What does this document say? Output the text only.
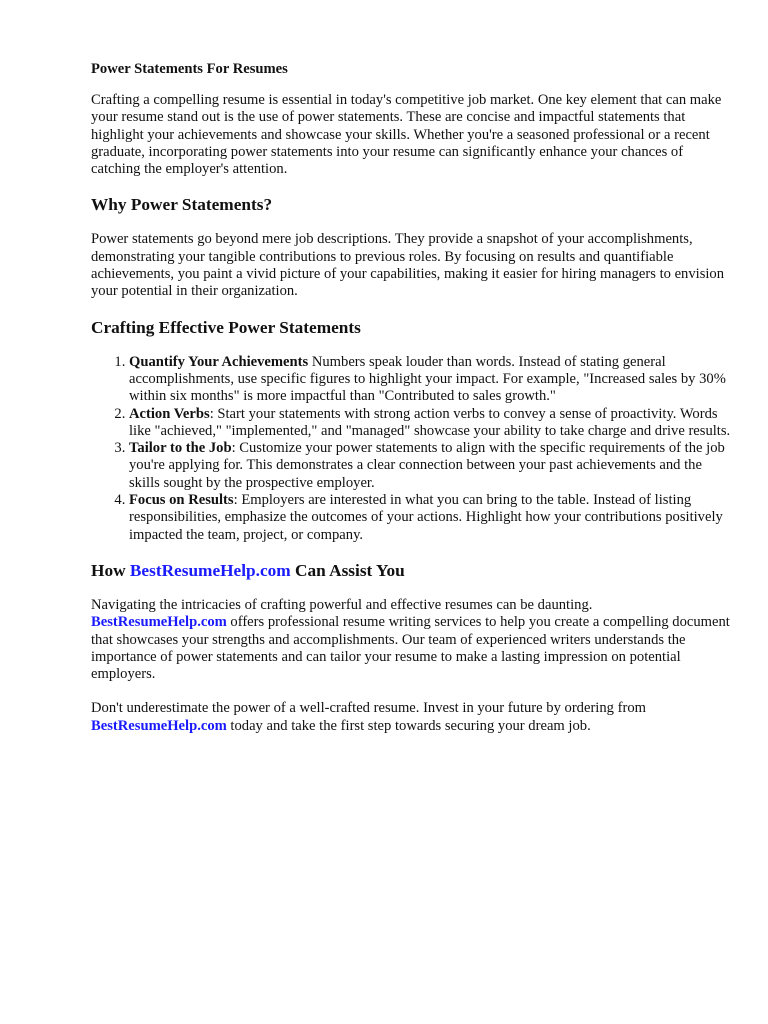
Power Statements For Resumes

Crafting a compelling resume is essential in today's competitive job market. One key element that can make your resume stand out is the use of power statements. These are concise and impactful statements that highlight your achievements and showcase your skills. Whether you're a seasoned professional or a recent graduate, incorporating power statements into your resume can significantly enhance your chances of catching the employer's attention.

Why Power Statements?

Power statements go beyond mere job descriptions. They provide a snapshot of your accomplishments, demonstrating your tangible contributions to previous roles. By focusing on results and quantifiable achievements, you paint a vivid picture of your capabilities, making it easier for hiring managers to envision your potential in their organization.

Crafting Effective Power Statements
1. Quantify Your Achievements Numbers speak louder than words. Instead of stating general accomplishments, use specific figures to highlight your impact. For example, "Increased sales by 30% within six months" is more impactful than "Contributed to sales growth."
2. Action Verbs: Start your statements with strong action verbs to convey a sense of proactivity. Words like "achieved," "implemented," and "managed" showcase your ability to take charge and drive results.
3. Tailor to the Job: Customize your power statements to align with the specific requirements of the job you're applying for. This demonstrates a clear connection between your past achievements and the skills sought by the prospective employer.
4. Focus on Results: Employers are interested in what you can bring to the table. Instead of listing responsibilities, emphasize the outcomes of your actions. Highlight how your contributions positively impacted the team, project, or company.
How BestResumeHelp.com Can Assist You

Navigating the intricacies of crafting powerful and effective resumes can be daunting.
BestResumeHelp.com offers professional resume writing services to help you create a compelling document that showcases your strengths and accomplishments. Our team of experienced writers understands the importance of power statements and can tailor your resume to make a lasting impression on potential employers.

Don't underestimate the power of a well-crafted resume. Invest in your future by ordering from
BestResumeHelp.com today and take the first step towards securing your dream job.
